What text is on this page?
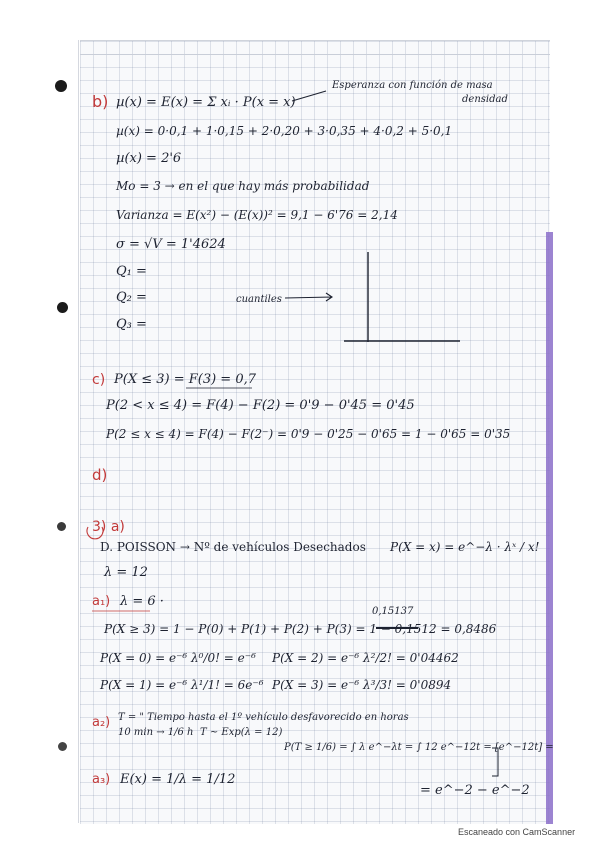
b) µ(x) = E(x) = Σ xᵢ · P(x = x)
Esperanza con función de masa
densidad
µ(x) = 0·0,1 + 1·0,15 + 2·0,20 + 3·0,35 + 4·0,2 + 5·0,1
µ(x) = 2'6
Mo = 3 → en el que hay más probabilidad
Varianza = E(x²) − (E(x))² = 9,1 − 6'76 = 2,14
σ = √V = 1'4624
Q₁ =
Q₂ =
Q₃ =
cuantiles
c) P(X ≤ 3) = F(3) = 0,7
P(2 < x ≤ 4) = F(4) − F(2) = 0'9 − 0'45 = 0'45
P(2 ≤ x ≤ 4) = F(4) − F(2⁻) = 0'9 − 0'25 − 0'65 = 1 − 0'65 = 0'35
d)
3) a)
D. POISSON → Nº de vehículos Desechados P(X = x) = e^−λ · λˣ / x!
λ = 12
a₁) λ = 6 ·
0,15137
P(X ≥ 3) = 1 − P(0) + P(1) + P(2) + P(3) = 1 − 0,1512 = 0,8486
P(X = 0) = e⁻⁶ λ⁰/0! = e⁻⁶ P(X = 2) = e⁻⁶ λ²/2! = 0'04462
P(X = 1) = e⁻⁶ λ¹/1! = 6e⁻⁶ P(X = 3) = e⁻⁶ λ³/3! = 0'0894
a₂) T = " Tiempo hasta el 1º vehículo desfavorecido en horas
10 min → 1/6 h T ~ Exp(λ = 12)
P(T ≥ 1/6) = ∫ λ e^−λt = ∫ 12 e^−12t = [e^−12t] =
= e^−2 − e^−2
a₃) E(x) = 1/λ = 1/12
Escaneado con CamScanner
